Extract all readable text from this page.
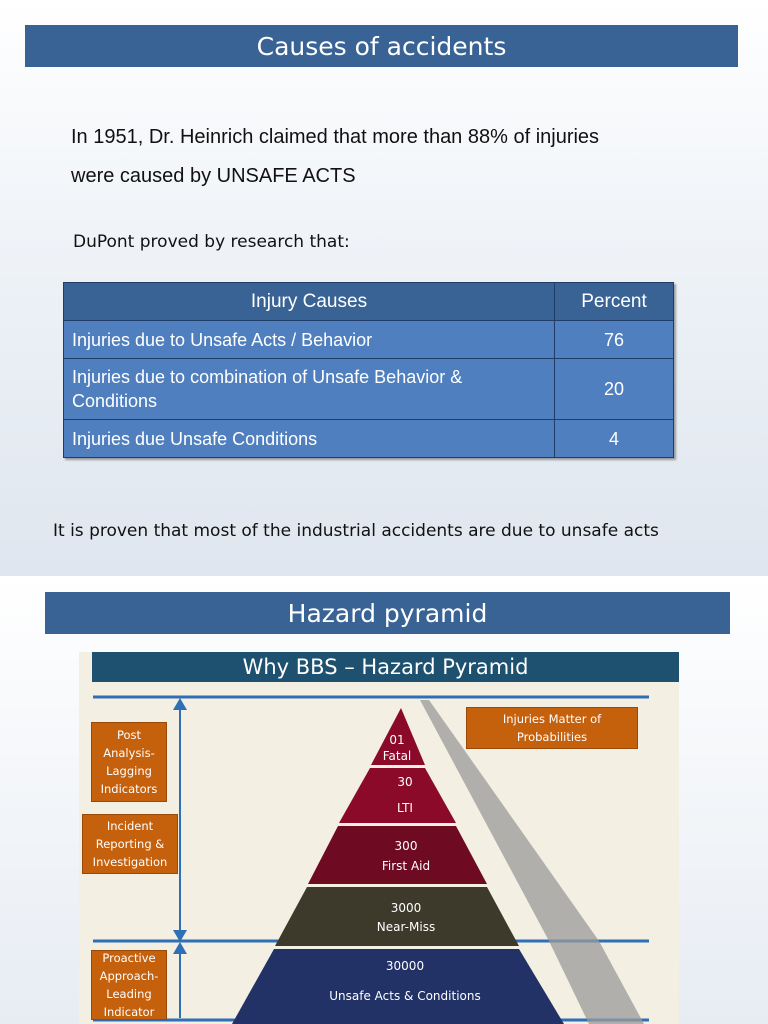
Causes of accidents
In 1951, Dr. Heinrich claimed that more than 88% of injuries
were caused by UNSAFE ACTS
DuPont proved by research that:
Injury Causes	Percent
Injuries due to Unsafe Acts / Behavior	76
Injuries due to combination of Unsafe Behavior & Conditions	20
Injuries due Unsafe Conditions	4
It is proven that most of the industrial accidents are due to unsafe acts
Hazard pyramid
Why BBS – Hazard Pyramid
01
Fatal
30
LTI
300
First Aid
3000
Near-Miss
30000
Unsafe Acts & Conditions
Post Analysis- Lagging Indicators
Incident Reporting & Investigation
Proactive Approach- Leading Indicator
Injuries Matter of Probabilities
